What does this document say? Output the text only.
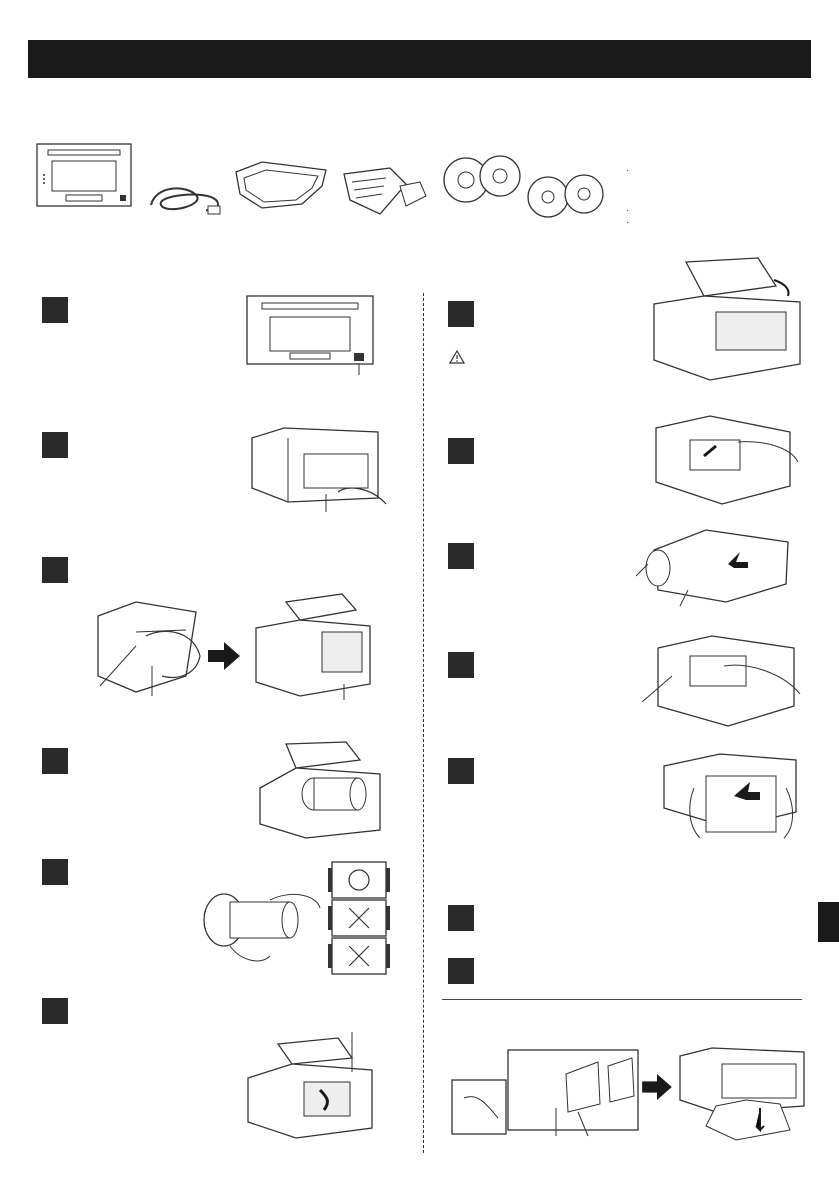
·
·
·
1
2
3
4
5
6
7
8
9
10
11
12
13
